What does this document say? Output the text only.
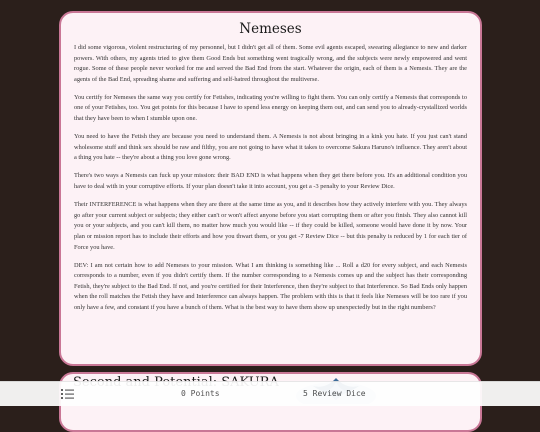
Nemeses

I did some vigorous, violent restructuring of my personnel, but I didn't get all of them. Some evil agents escaped, swearing allegiance to new and darker powers. With others, my agents tried to give them Good Ends but something went tragically wrong, and the subjects were newly empowered and went rogue. Some of these people never worked for me and served the Bad End from the start. Whatever the origin, each of them is a Nemesis. They are the agents of the Bad End, spreading shame and suffering and self-hatred throughout the multiverse.

You certify for Nemeses the same way you certify for Fetishes, indicating you're willing to fight them. You can only certify a Nemesis that corresponds to one of your Fetishes, too. You get points for this because I have to spend less energy on keeping them out, and can send you to already-crystallized worlds that they have been to when I stumble upon one.

You need to have the Fetish they are because you need to understand them. A Nemesis is not about bringing in a kink you hate. If you just can't stand wholesome stuff and think sex should be raw and filthy, you are not going to have what it takes to overcome Sakura Haruno's influence. They aren't about a thing you hate -- they're about a thing you love gone wrong.

There's two ways a Nemesis can fuck up your mission: their BAD END is what happens when they get there before you. It's an additional condition you have to deal with in your corruptive efforts. If your plan doesn't take it into account, you get a -3 penalty to your Review Dice.

Their INTERFERENCE is what happens when they are there at the same time as you, and it describes how they actively interfere with you. They always go after your current subject or subjects; they either can't or won't affect anyone before you start corrupting them or after you finish. They also cannot kill you or your subjects, and you can't kill them, no matter how much you would like -- if they could be killed, someone would have done it by now. Your plan or mission report has to include their efforts and how you thwart them, or you get -7 Review Dice -- but this penalty is reduced by 1 for each tier of Force you have.

DEV: I am not certain how to add Nemeses to your mission. What I am thinking is something like ... Roll a d20 for every subject, and each Nemesis corresponds to a number, even if you didn't certify them. If the number corresponding to a Nemesis comes up and the subject has their corresponding Fetish, they're subject to the Bad End. If not, and you're certified for their Interference, then they're subject to that Interference. So Bad Ends only happen when the roll matches the Fetish they have and Interference can always happen. The problem with this is that it feels like Nemeses will be too rare if you only have a few, and constant if you have a bunch of them. What is the best way to have them show up unexpectedly but in the right numbers?

0 Points	5 Review Dice
